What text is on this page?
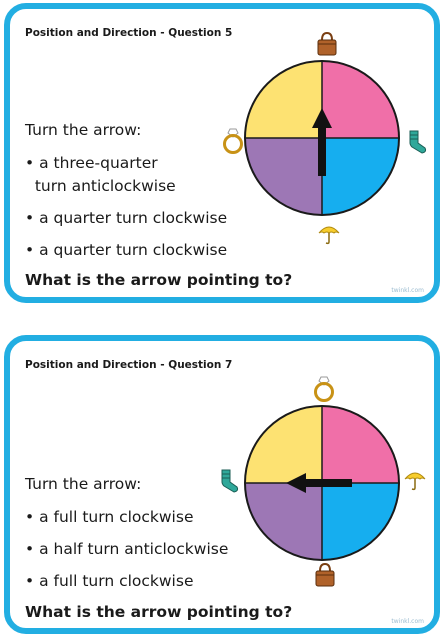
Position and Direction - Question 5
Turn the arrow:
• a three-quarter
turn anticlockwise
• a quarter turn clockwise
• a quarter turn clockwise
What is the arrow pointing to?
twinkl.com
Position and Direction - Question 7
Turn the arrow:
• a full turn clockwise
• a half turn anticlockwise
• a full turn clockwise
What is the arrow pointing to?
twinkl.com
